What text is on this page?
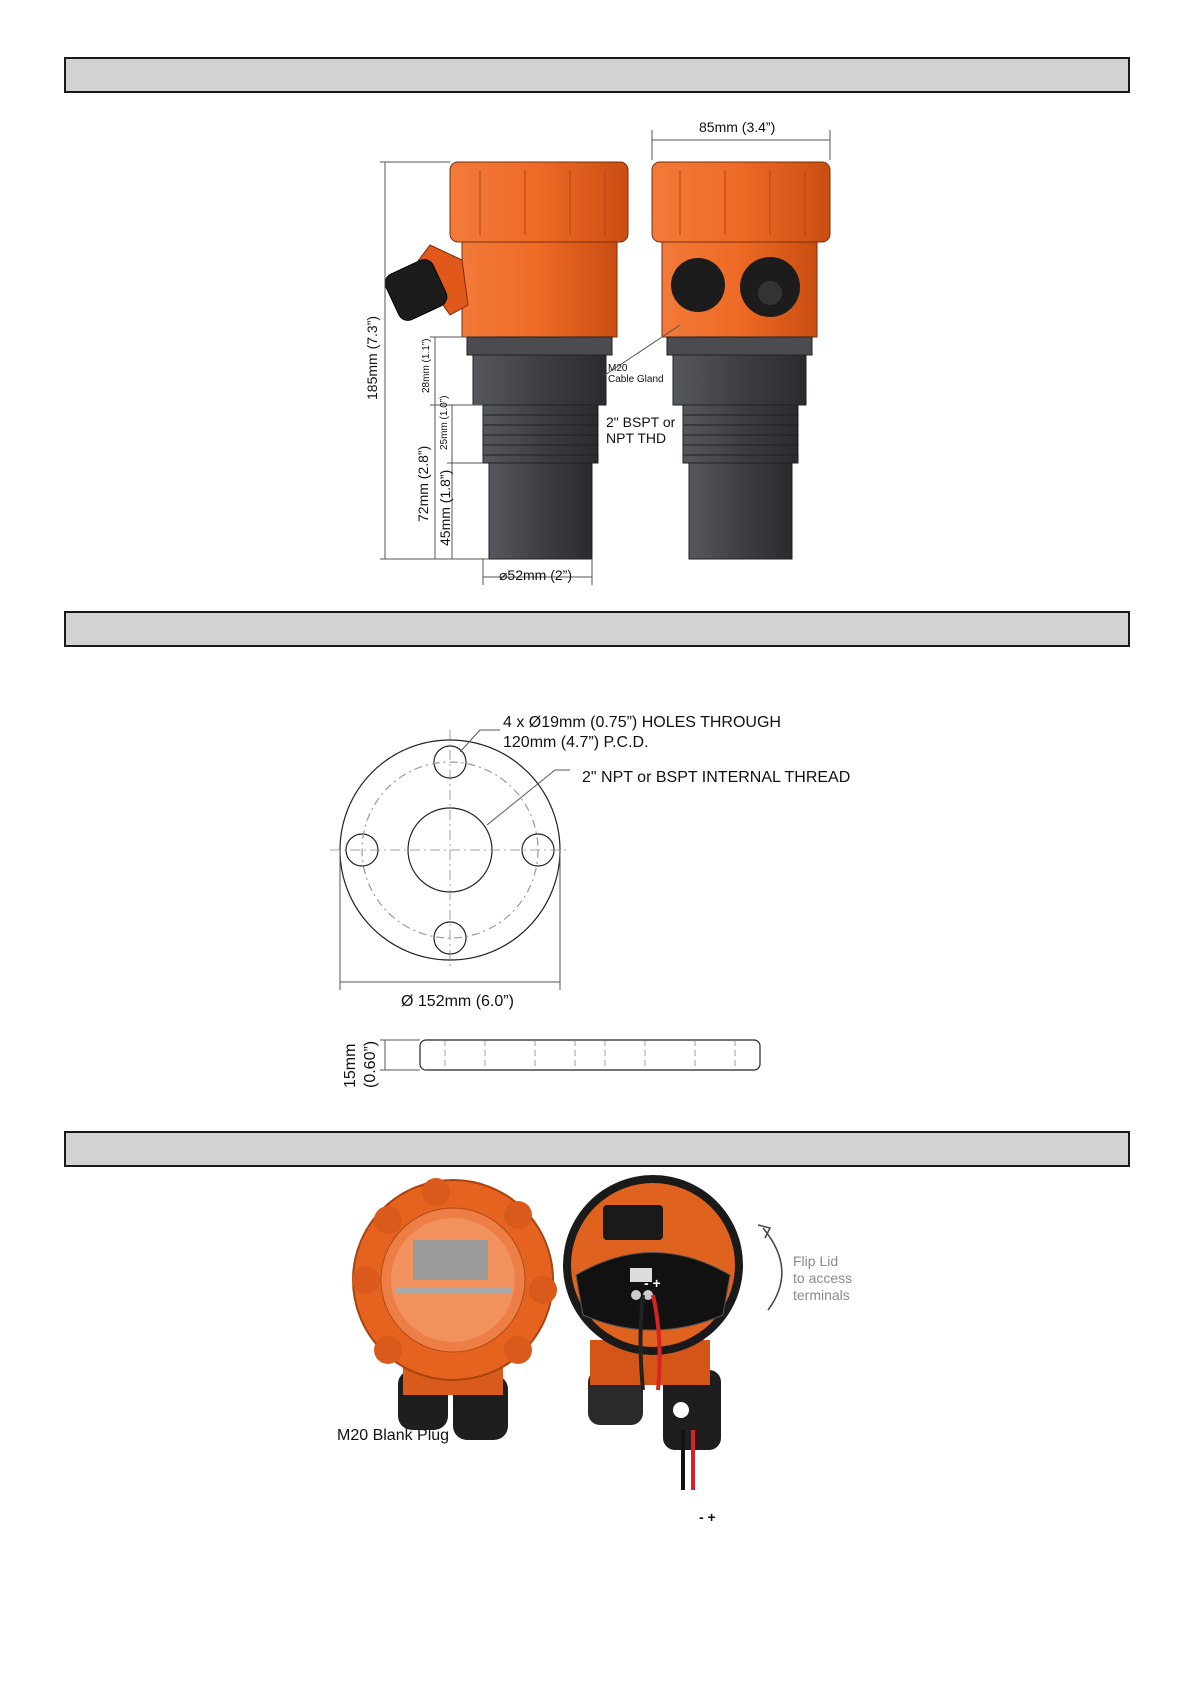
85mm (3.4”)
185mm (7.3”)	28mm (1.1”)
25mm (1.0”)
72mm (2.8”) 45mm (1.8”)
⌀52mm (2”)
M20
Cable Gland
2" BSPT or
NPT THD
4 x Ø19mm (0.75”) HOLES THROUGH
120mm (4.7”) P.C.D.
2" NPT or BSPT INTERNAL THREAD
Ø 152mm (6.0”)
15mm (0.60”)
Flip Lid
to access
terminals
M20 Blank Plug
- +
- +
